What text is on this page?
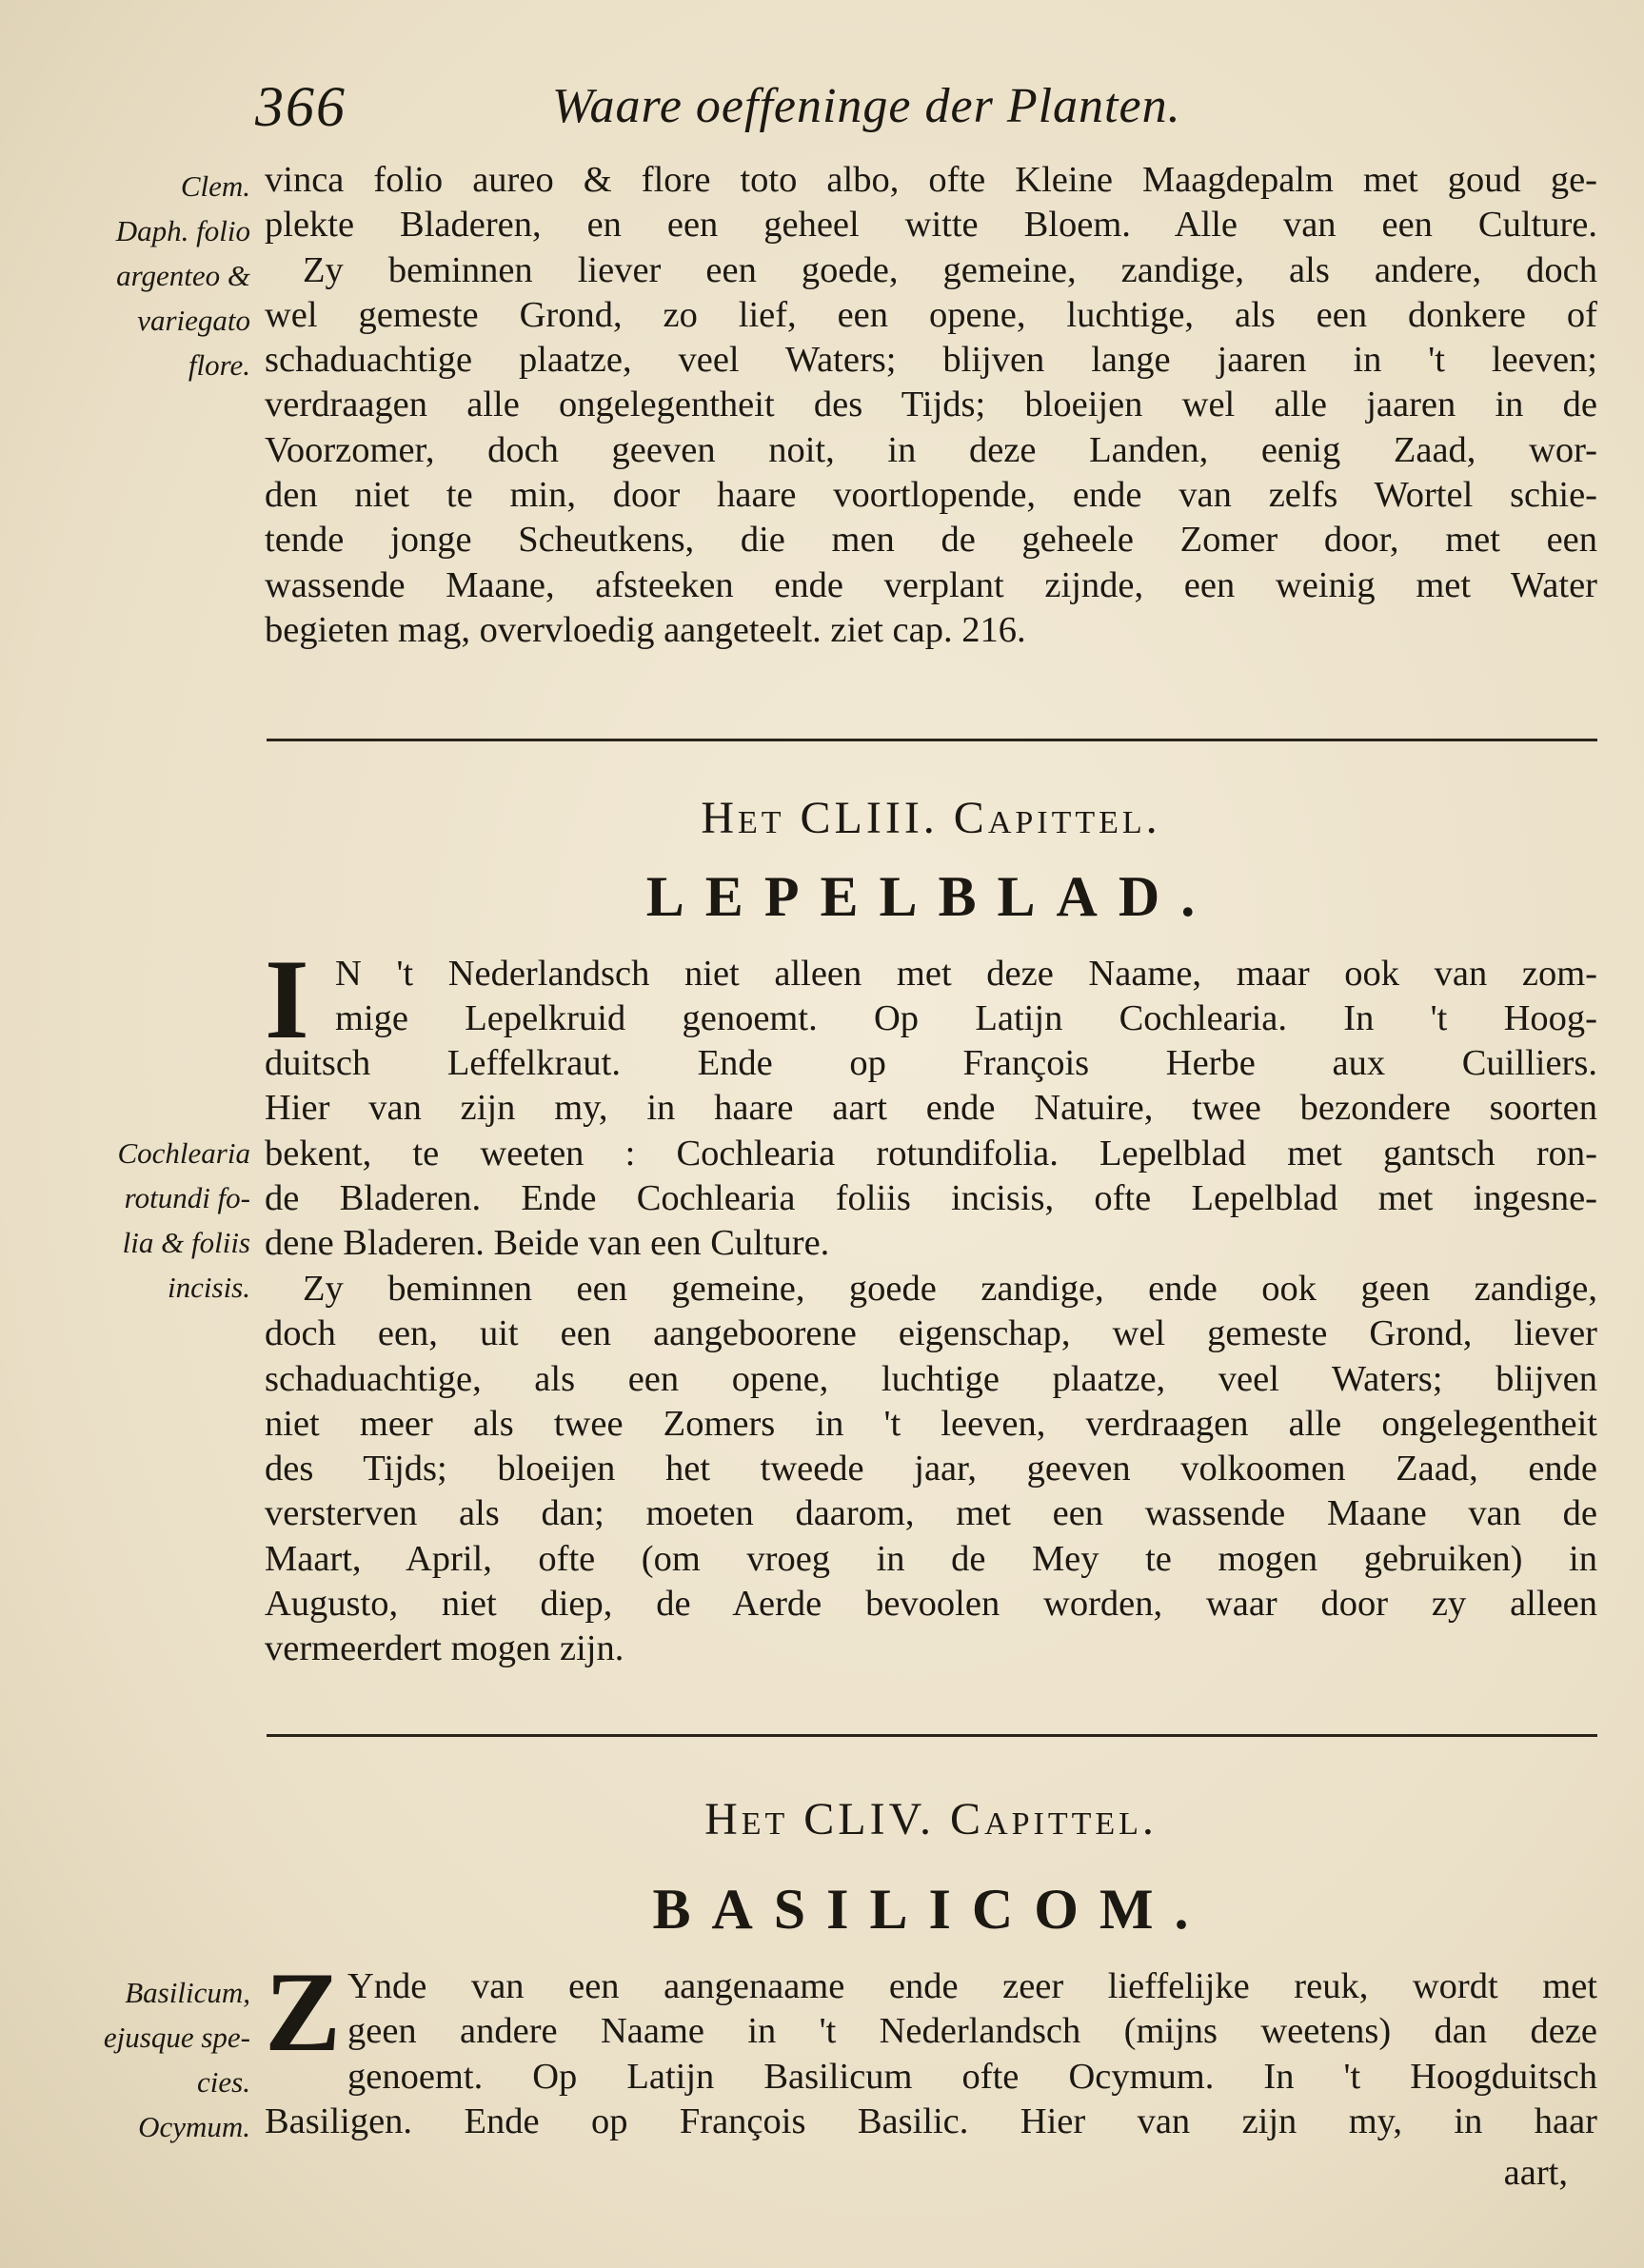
366	Waare oeffeninge der Planten.
Clem.
Daph. folio
argenteo &
variegato
flore.
vinca folio aureo & flore toto albo, ofte Kleine Maagdepalm met goud ge-
plekte Bladeren, en een geheel witte Bloem. Alle van een Culture.
Zy beminnen liever een goede, gemeine, zandige, als andere, doch
wel gemeste Grond, zo lief, een opene, luchtige, als een donkere of
schaduachtige plaatze, veel Waters; blijven lange jaaren in 't leeven;
verdraagen alle ongelegentheit des Tijds; bloeijen wel alle jaaren in de
Voorzomer, doch geeven noit, in deze Landen, eenig Zaad, wor-
den niet te min, door haare voortlopende, ende van zelfs Wortel schie-
tende jonge Scheutkens, die men de geheele Zomer door, met een
wassende Maane, afsteeken ende verplant zijnde, een weinig met Water
begieten mag, overvloedig aangeteelt. ziet cap. 216.
Het CLIII. Capittel.
LEPELBLAD.
I N 't Nederlandsch niet alleen met deze Naame, maar ook van zom-
mige Lepelkruid genoemt. Op Latijn Cochlearia. In 't Hoog-
duitsch Leffelkraut. Ende op François Herbe aux Cuilliers.
Hier van zijn my, in haare aart ende Natuire, twee bezondere soorten
bekent, te weeten : Cochlearia rotundifolia. Lepelblad met gantsch ron-
de Bladeren. Ende Cochlearia foliis incisis, ofte Lepelblad met ingesne-
dene Bladeren. Beide van een Culture.
Cochlearia
rotundi fo-
lia & foliis
incisis.	Zy beminnen een gemeine, goede zandige, ende ook geen zandige,
doch een, uit een aangeboorene eigenschap, wel gemeste Grond, liever
schaduachtige, als een opene, luchtige plaatze, veel Waters; blijven
niet meer als twee Zomers in 't leeven, verdraagen alle ongelegentheit
des Tijds; bloeijen het tweede jaar, geeven volkoomen Zaad, ende
versterven als dan; moeten daarom, met een wassende Maane van de
Maart, April, ofte (om vroeg in de Mey te mogen gebruiken) in
Augusto, niet diep, de Aerde bevoolen worden, waar door zy alleen
vermeerdert mogen zijn.
Het CLIV. Capittel.
BASILICOM.
Z Ynde van een aangenaame ende zeer lieffelijke reuk, wordt met
geen andere Naame in 't Nederlandsch (mijns weetens) dan deze
genoemt. Op Latijn Basilicum ofte Ocymum. In 't Hoogduitsch
Basiligen. Ende op François Basilic. Hier van zijn my, in haar
aart,
Basilicum,
ejusque spe-
cies.
Ocymum.
